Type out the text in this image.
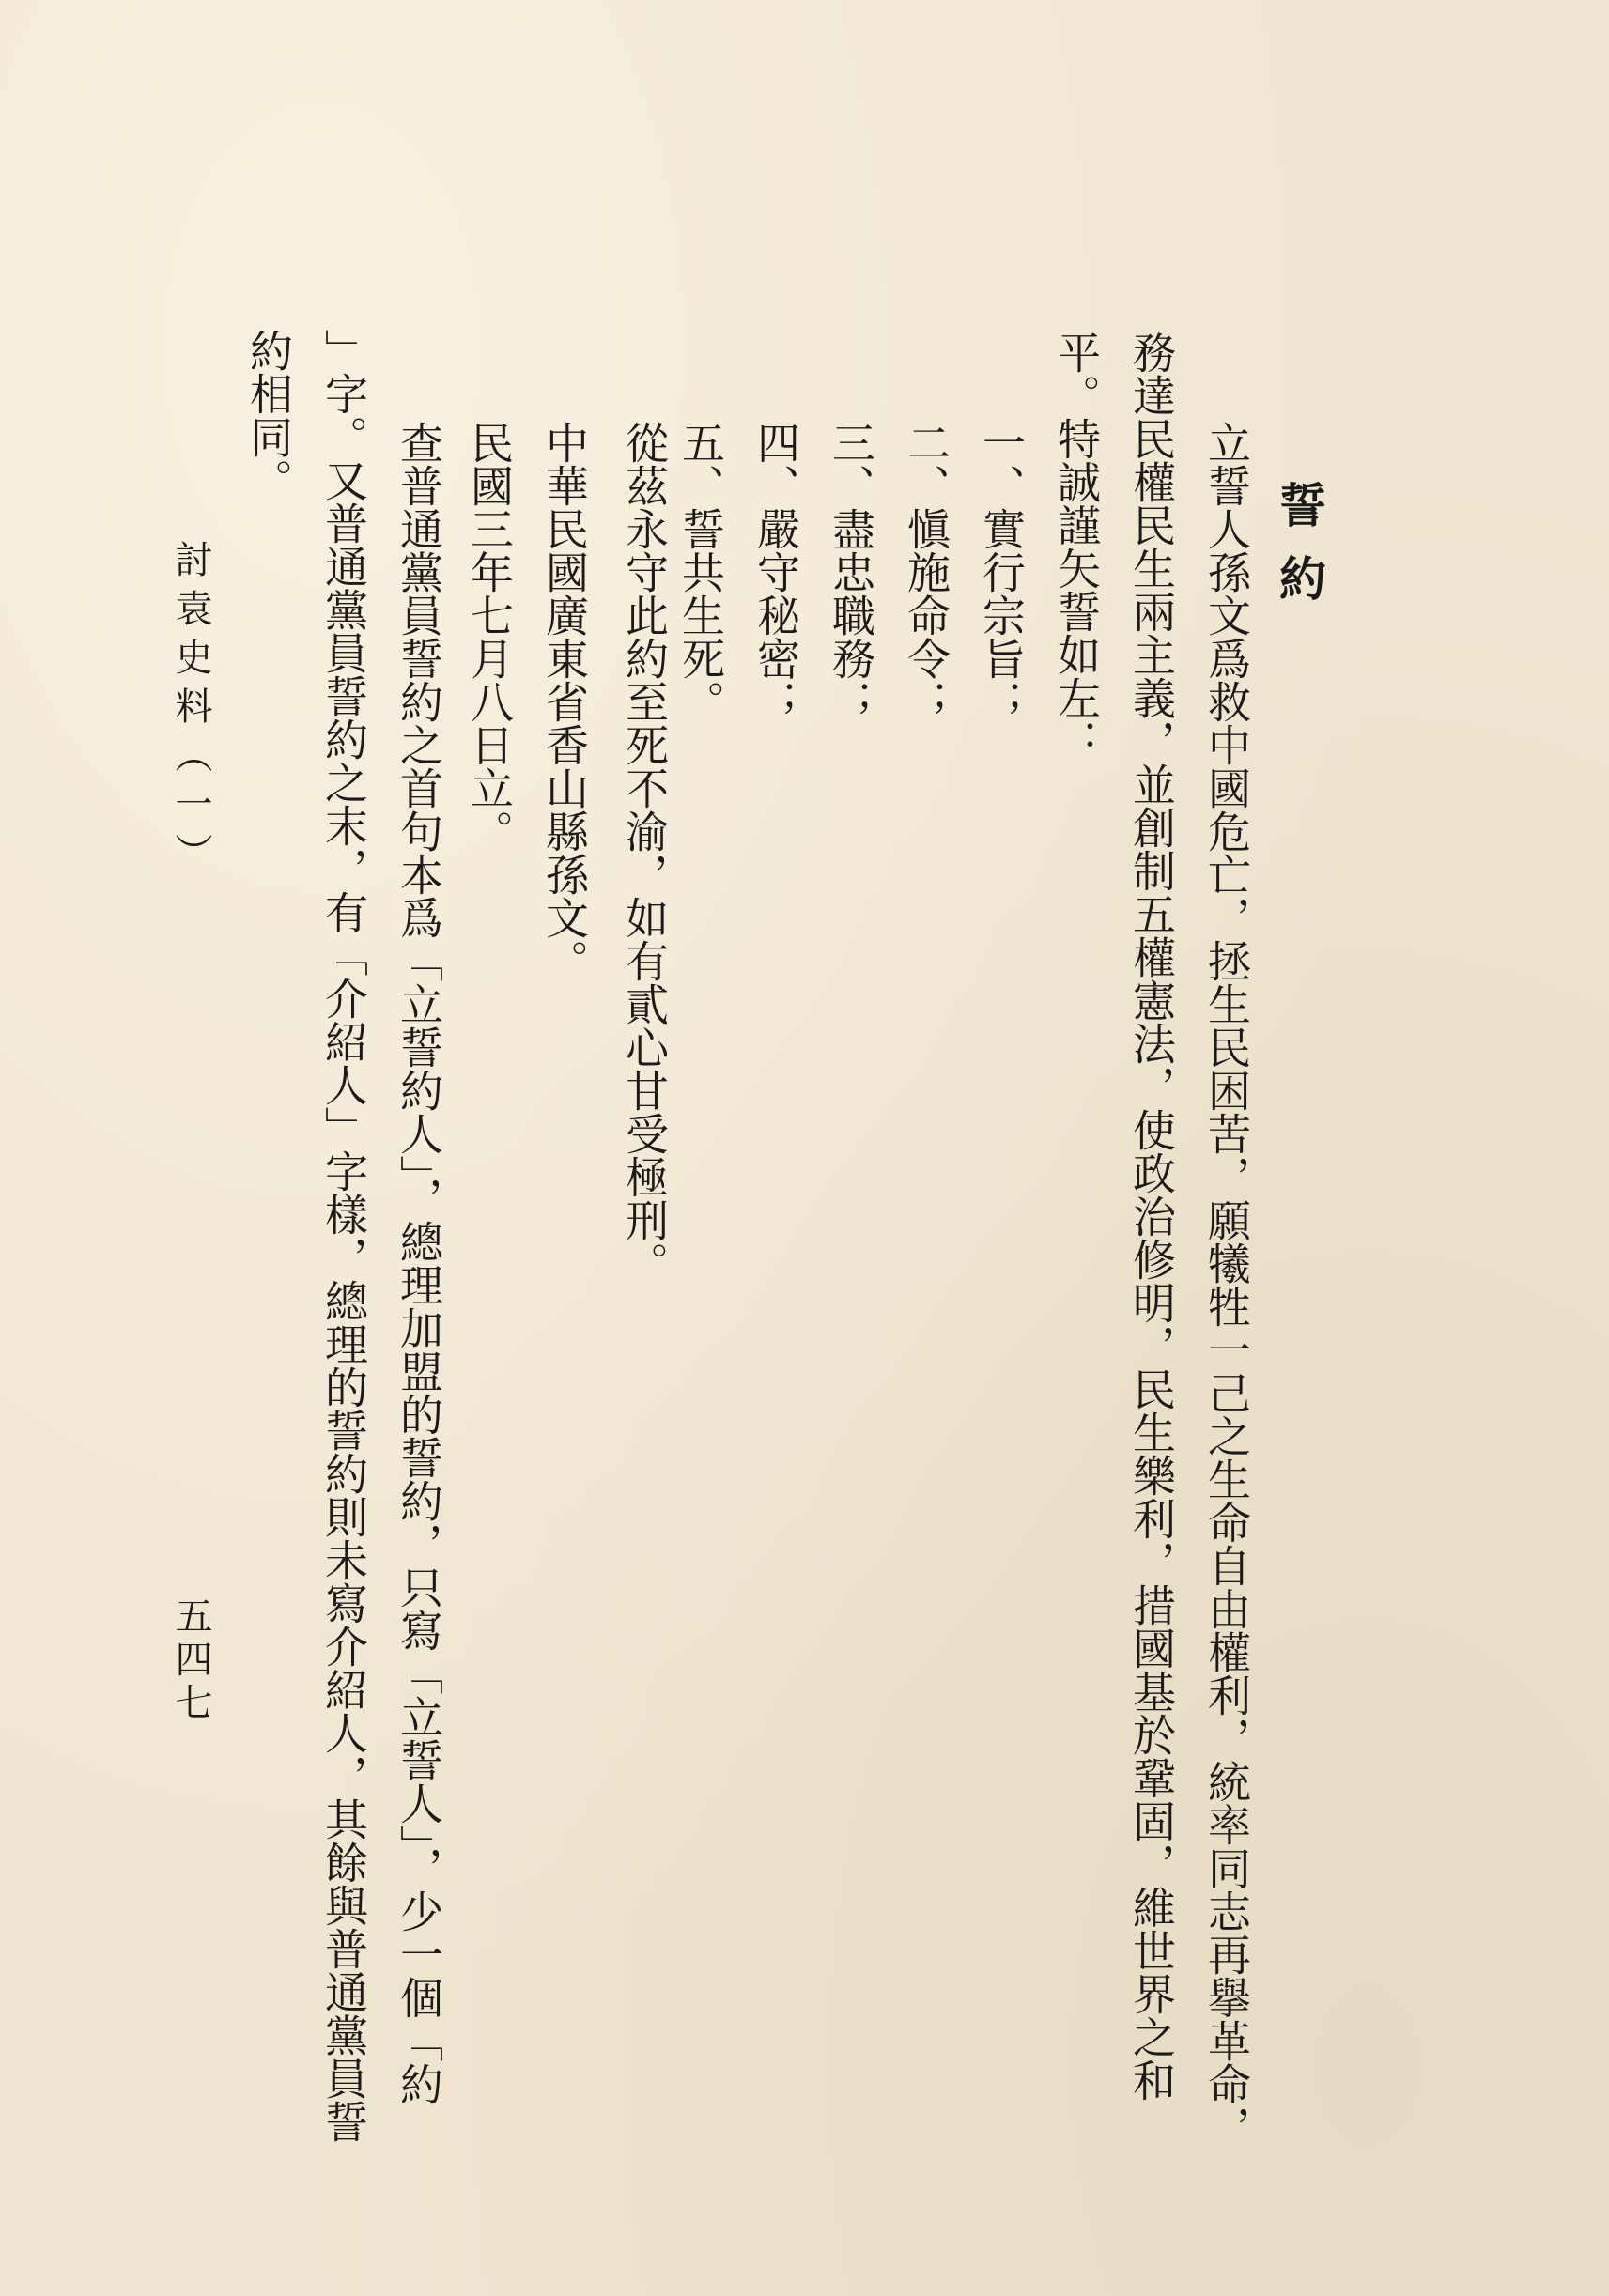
誓約
立誓人孫文爲救中國危亡，拯生民困苦，願犧牲一己之生命自由權利，統率同志再擧革命，
務達民權民生兩主義，並創制五權憲法，使政治修明，民生樂利，措國基於鞏固，維世界之和
平。特誠謹矢誓如左：
一、實行宗旨；
二、愼施命令；
三、盡忠職務；
四、嚴守秘密；
五、誓共生死。
從茲永守此約至死不渝，如有貳心甘受極刑。
中華民國廣東省香山縣孫文。
民國三年七月八日立。
查普通黨員誓約之首句本爲「立誓約人」，總理加盟的誓約，只寫「立誓人」，少一個「約
」字。又普通黨員誓約之末，有「介紹人」字樣，總理的誓約則未寫介紹人，其餘與普通黨員誓
約相同。
討袁史料（一）
五四七
